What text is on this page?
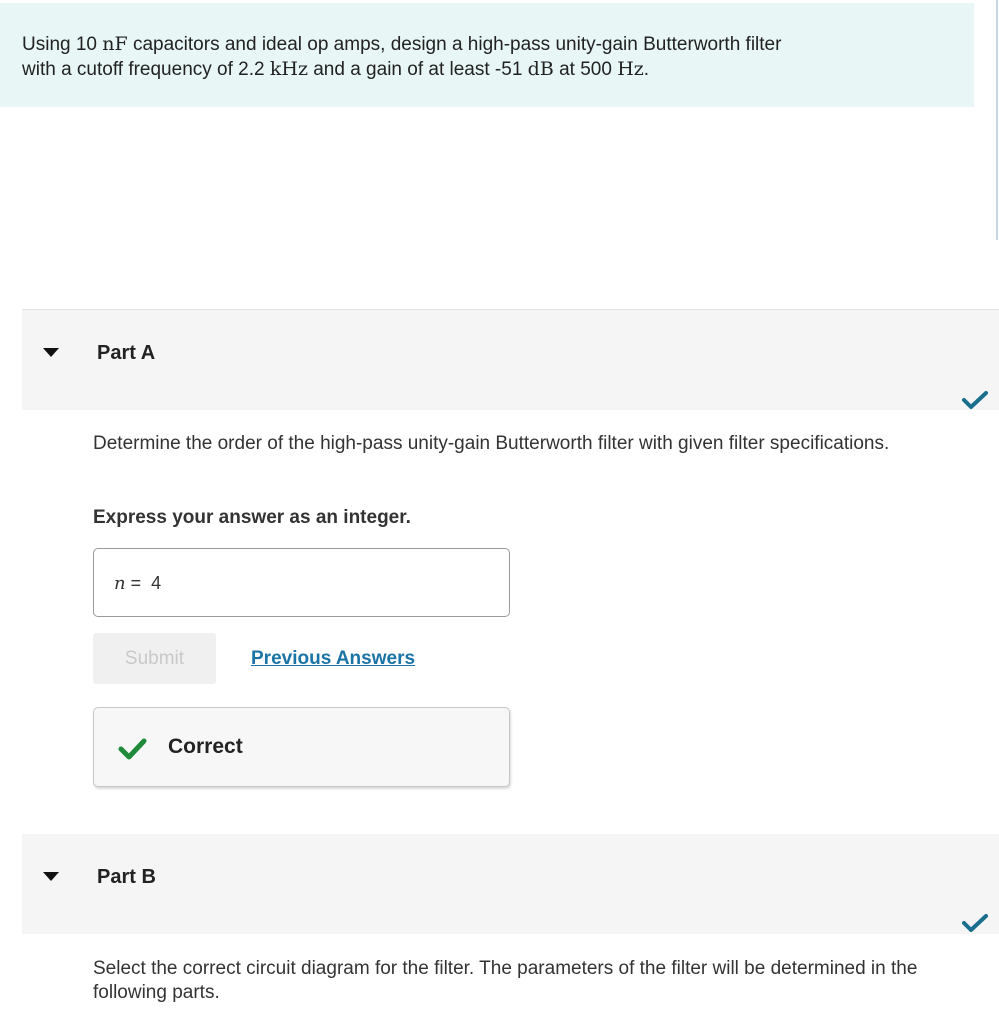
Using 10 nF capacitors and ideal op amps, design a high-pass unity-gain Butterworth filter
with a cutoff frequency of 2.2 kHz and a gain of at least -51 dB at 500 Hz.
Part A
Determine the order of the high-pass unity-gain Butterworth filter with given filter specifications.
Express your answer as an integer.
n =  4
Submit	Previous Answers
Correct
Part B
Select the correct circuit diagram for the filter. The parameters of the filter will be determined in the following parts.
